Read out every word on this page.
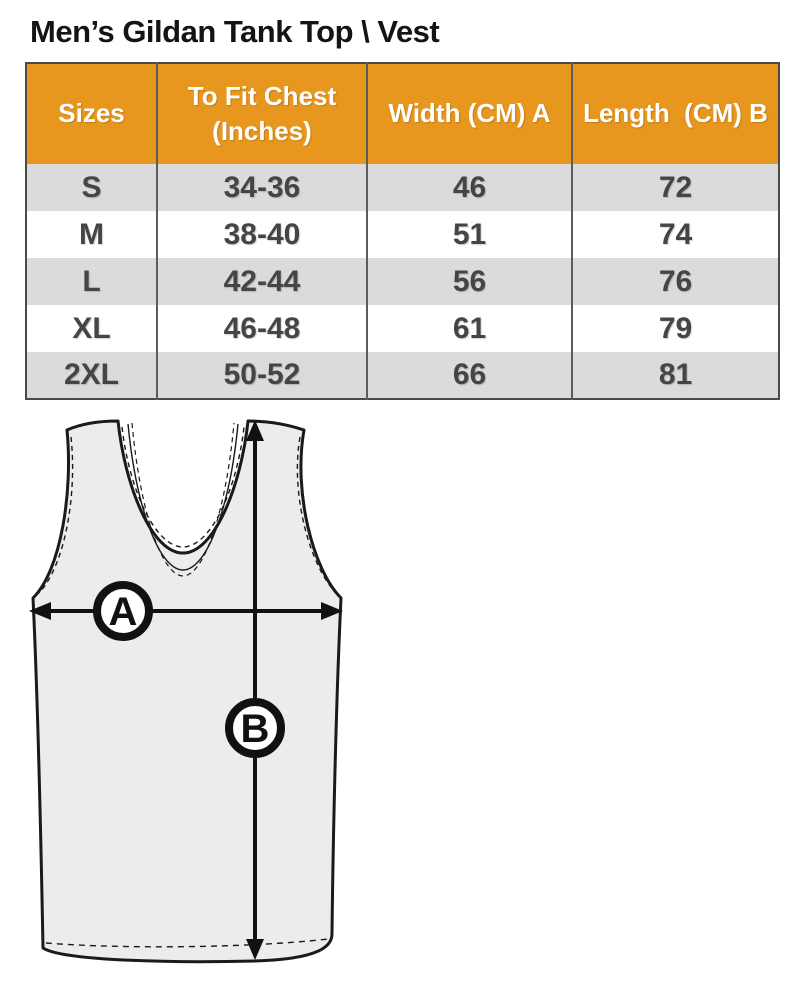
Men’s Gildan Tank Top \ Vest
Sizes	To Fit Chest (Inches)	Width (CM) A	Length  (CM) B
S	34-36	46	72
M	38-40	51	74
L	42-44	56	76
XL	46-48	61	79
2XL	50-52	66	81
A
B
